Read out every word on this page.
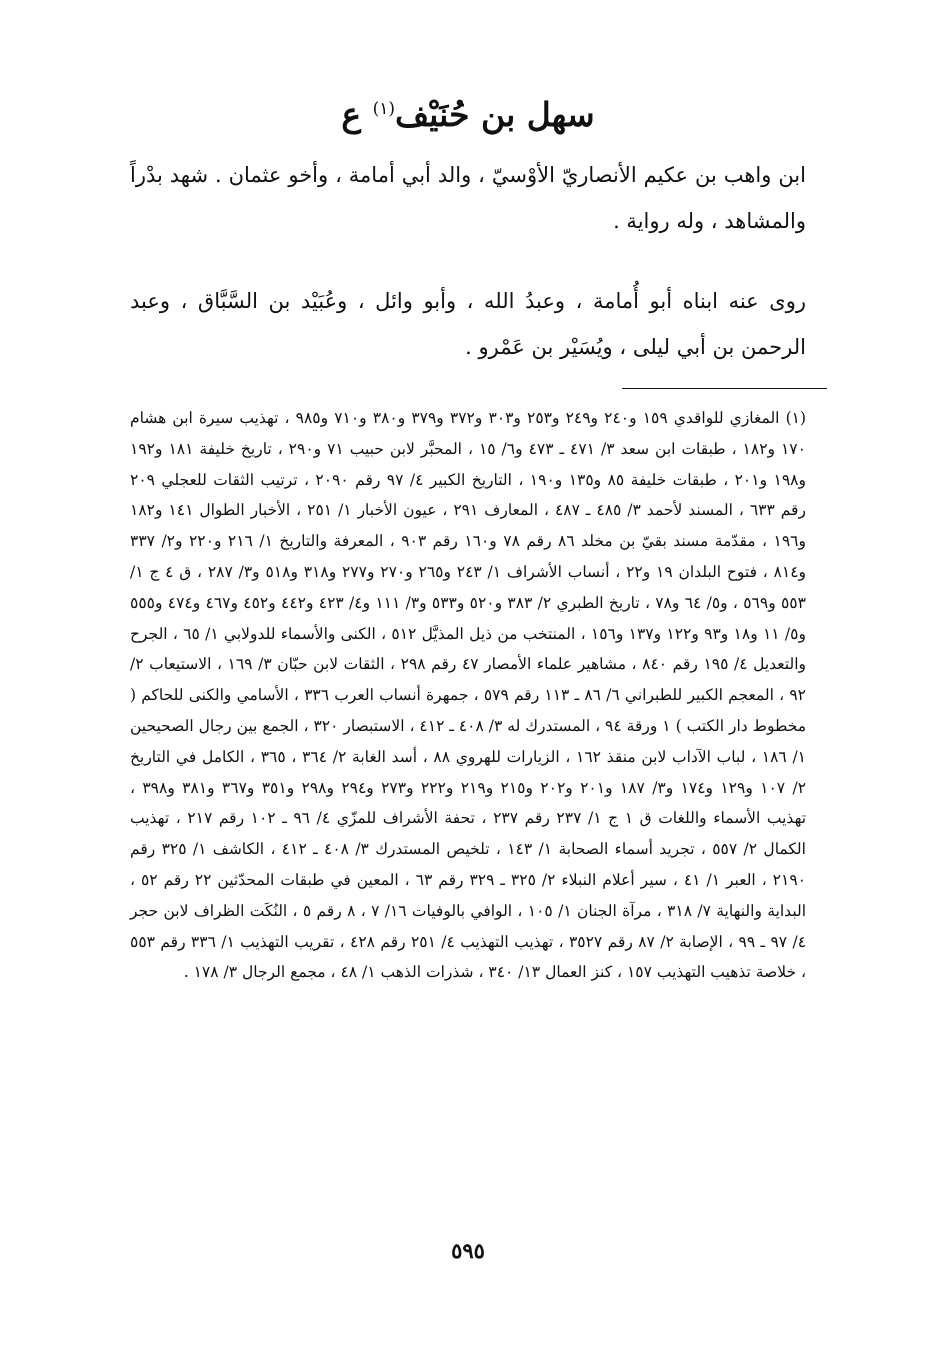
سهل بن حُنَيْف$^{(١)}$ ع
ابن واهب بن عكيم الأنصاريّ الأوْسيّ ، والد أبي أمامة ، وأخو عثمان . شهد بدْراً والمشاهد ، وله رواية .
روى عنه ابناه أبو أُمامة ، وعبدُ الله ، وأبو وائل ، وعُبَيْد بن السَّبَّاق ، وعبد الرحمن بن أبي ليلى ، ويُسَيْر بن عَمْرو .
(١) المغازي للواقدي ١٥٩ و٢٤٠ و٢٤٩ و٢٥٣ و٣٠٣ و٣٧٢ و٣٧٩ و٣٨٠ و٧١٠ و٩٨٥ ، تهذيب سيرة ابن هشام ١٧٠ و١٨٢ ، طبقات ابن سعد ٣/ ٤٧١ ـ ٤٧٣ و٦/ ١٥ ، المحبَّر لابن حبيب ٧١ و٢٩٠ ، تاريخ خليفة ١٨١ و١٩٢ و١٩٨ و٢٠١ ، طبقات خليفة ٨٥ و١٣٥ و١٩٠ ، التاريخ الكبير ٤/ ٩٧ رقم ٢٠٩٠ ، ترتيب الثقات للعجلي ٢٠٩ رقم ٦٣٣ ، المسند لأحمد ٣/ ٤٨٥ ـ ٤٨٧ ، المعارف ٢٩١ ، عيون الأخبار ١/ ٢٥١ ، الأخبار الطوال ١٤١ و١٨٢ و١٩٦ ، مقدّمة مسند بقيّ بن مخلد ٨٦ رقم ٧٨ و١٦٠ رقم ٩٠٣ ، المعرفة والتاريخ ١/ ٢١٦ و٢٢٠ و٢/ ٣٣٧ و٨١٤ ، فتوح البلدان ١٩ و٢٢ ، أنساب الأشراف ١/ ٢٤٣ و٢٦٥ و٢٧٠ و٢٧٧ و٣١٨ و٥١٨ و٣/ ٢٨٧ ، ق ٤ ج ١/ ٥٥٣ و٥٦٩ ، و٥/ ٦٤ و٧٨ ، تاريخ الطبري ٢/ ٣٨٣ و٥٢٠ و٥٣٣ و٣/ ١١١ و٤/ ٤٢٣ و٤٤٢ و٤٥٢ و٤٦٧ و٤٧٤ و٥٥٥ و٥/ ١١ و١٨ و٩٣ و١٢٢ و١٣٧ و١٥٦ ، المنتخب من ذيل المذيَّل ٥١٢ ، الكنى والأسماء للدولابي ١/ ٦٥ ، الجرح والتعديل ٤/ ١٩٥ رقم ٨٤٠ ، مشاهير علماء الأمصار ٤٧ رقم ٢٩٨ ، الثقات لابن حبّان ٣/ ١٦٩ ، الاستيعاب ٢/ ٩٢ ، المعجم الكبير للطبراني ٦/ ٨٦ ـ ١١٣ رقم ٥٧٩ ، جمهرة أنساب العرب ٣٣٦ ، الأسامي والكنى للحاكم ( مخطوط دار الكتب ) ١ ورقة ٩٤ ، المستدرك له ٣/ ٤٠٨ ـ ٤١٢ ، الاستبصار ٣٢٠ ، الجمع بين رجال الصحيحين ١/ ١٨٦ ، لباب الآداب لابن منقذ ١٦٢ ، الزيارات للهروي ٨٨ ، أسد الغابة ٢/ ٣٦٤ ، ٣٦٥ ، الكامل في التاريخ ٢/ ١٠٧ و١٢٩ و١٧٤ و٣/ ١٨٧ و٢٠١ و٢٠٢ و٢١٥ و٢١٩ و٢٢٢ و٢٧٣ و٢٩٤ و٢٩٨ و٣٥١ و٣٦٧ و٣٨١ و٣٩٨ ، تهذيب الأسماء واللغات ق ١ ج ١/ ٢٣٧ رقم ٢٣٧ ، تحفة الأشراف للمزّي ٤/ ٩٦ ـ ١٠٢ رقم ٢١٧ ، تهذيب الكمال ٢/ ٥٥٧ ، تجريد أسماء الصحابة ١/ ١٤٣ ، تلخيص المستدرك ٣/ ٤٠٨ ـ ٤١٢ ، الكاشف ١/ ٣٢٥ رقم ٢١٩٠ ، العبر ١/ ٤١ ، سير أعلام النبلاء ٢/ ٣٢٥ ـ ٣٢٩ رقم ٦٣ ، المعين في طبقات المحدّثين ٢٢ رقم ٥٢ ، البداية والنهاية ٧/ ٣١٨ ، مرآة الجنان ١/ ١٠٥ ، الوافي بالوفيات ١٦/ ٧ ، ٨ رقم ٥ ، النُكَت الظراف لابن حجر ٤/ ٩٧ ـ ٩٩ ، الإصابة ٢/ ٨٧ رقم ٣٥٢٧ ، تهذيب التهذيب ٤/ ٢٥١ رقم ٤٢٨ ، تقريب التهذيب ١/ ٣٣٦ رقم ٥٥٣ ، خلاصة تذهيب التهذيب ١٥٧ ، كنز العمال ١٣/ ٣٤٠ ، شذرات الذهب ١/ ٤٨ ، مجمع الرجال ٣/ ١٧٨ .
٥٩٥
